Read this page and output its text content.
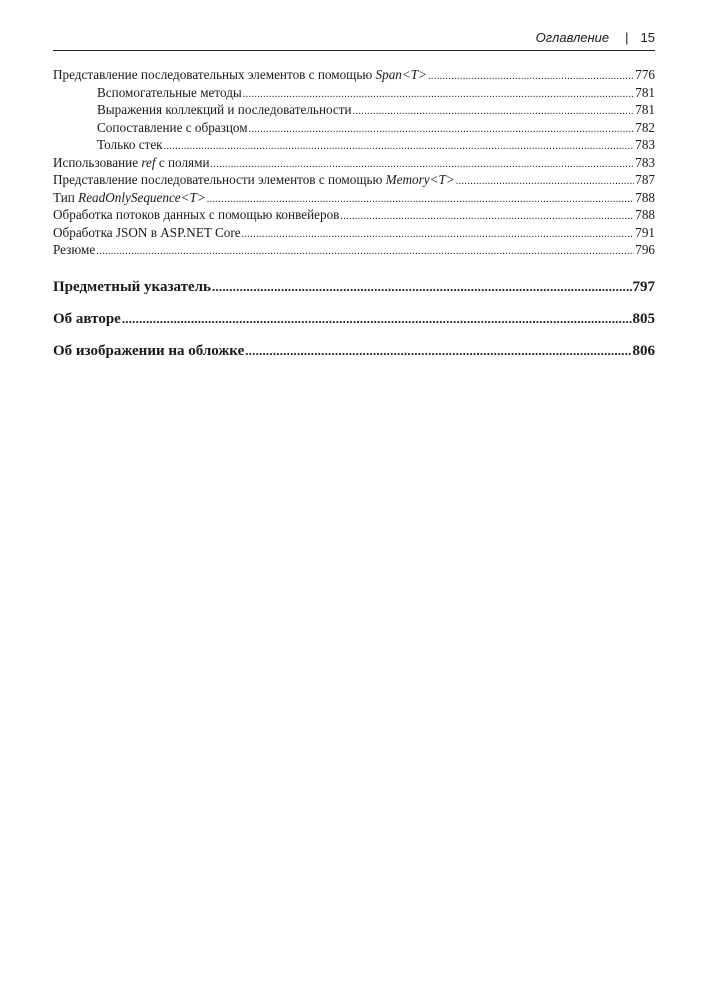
Оглавление | 15
Представление последовательных элементов с помощью Span<T> .....	776
Вспомогательные методы .....	781
Выражения коллекций и последовательности .....	781
Сопоставление с образцом .....	782
Только стек .....	783
Использование ref с полями .....	783
Представление последовательности элементов с помощью Memory<T> .....	787
Тип ReadOnlySequence<T> .....	788
Обработка потоков данных с помощью конвейеров .....	788
Обработка JSON в ASP.NET Core .....	791
Резюме .....	796
Предметный указатель .....	797
Об авторе .....	805
Об изображении на обложке .....	806
